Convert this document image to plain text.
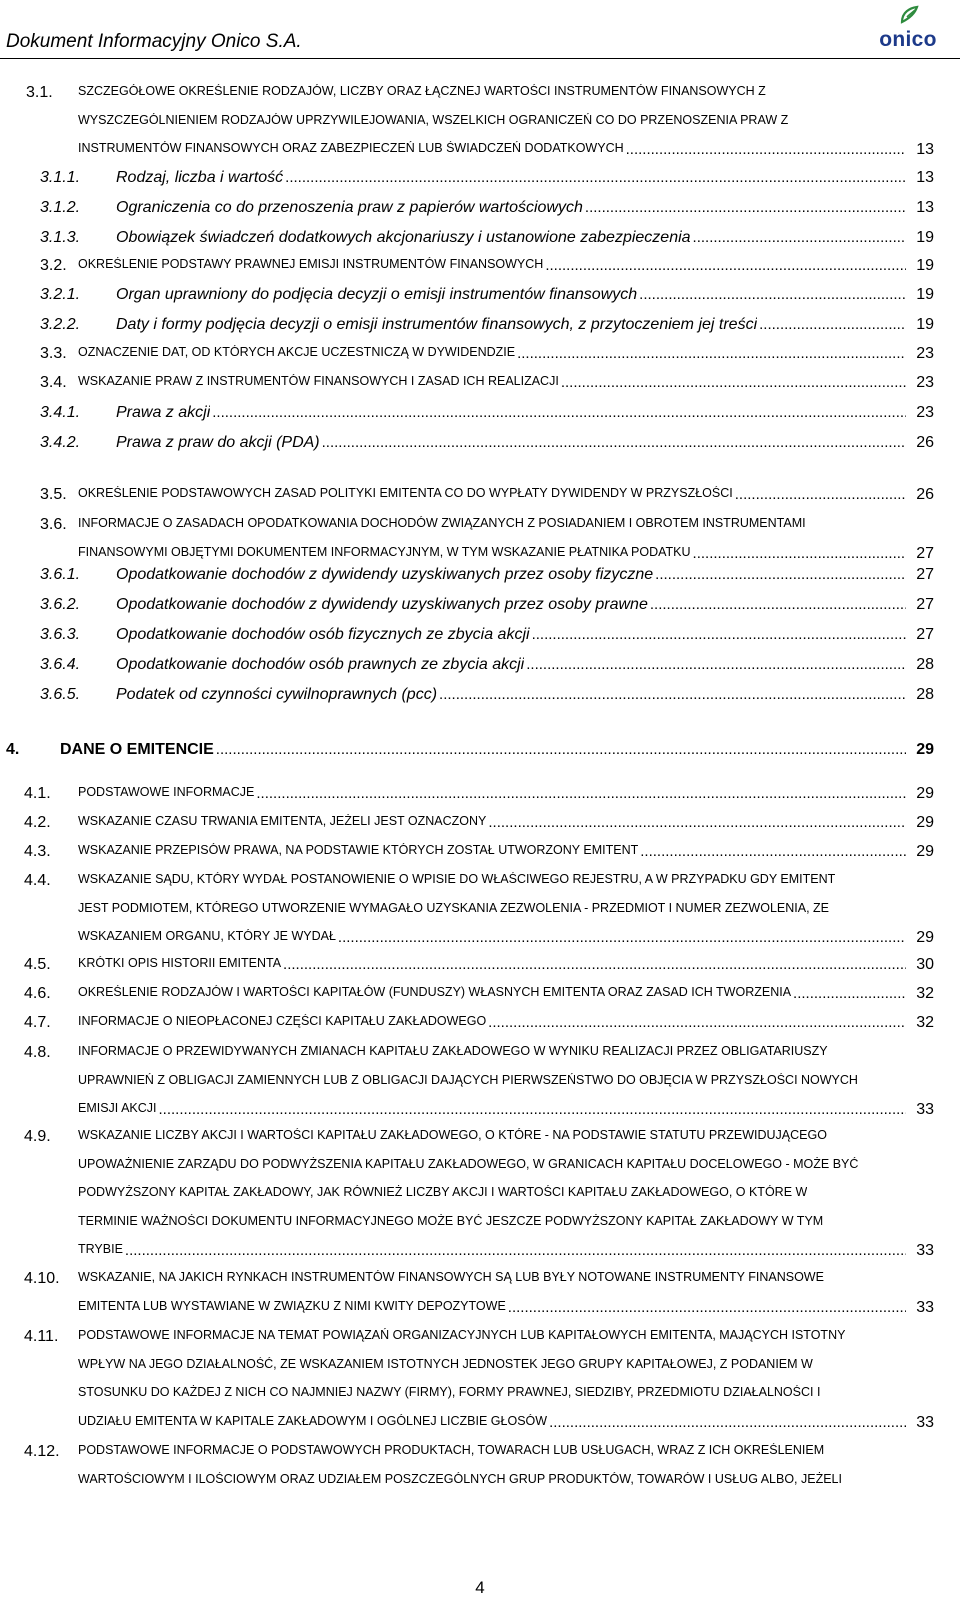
Dokument Informacyjny Onico S.A.	onico
3.1. SZCZEGÓŁOWE OKREŚLENIE RODZAJÓW, LICZBY ORAZ ŁĄCZNEJ WARTOŚCI INSTRUMENTÓW FINANSOWYCH Z
WYSZCZEGÓLNIENIEM RODZAJÓW UPRZYWILEJOWANIA, WSZELKICH OGRANICZEŃ CO DO PRZENOSZENIA PRAW Z
INSTRUMENTÓW FINANSOWYCH ORAZ ZABEZPIECZEŃ LUB ŚWIADCZEŃ DODATKOWYCH	13
.....
3.1.1. Rodzaj, liczba i wartość	13
.....
3.1.2. Ograniczenia co do przenoszenia praw z papierów wartościowych	13
.....
3.1.3. Obowiązek świadczeń dodatkowych akcjonariuszy i ustanowione zabezpieczenia	19
.....
3.2. OKREŚLENIE PODSTAWY PRAWNEJ EMISJI INSTRUMENTÓW FINANSOWYCH	19
.....
3.2.1. Organ uprawniony do podjęcia decyzji o emisji instrumentów finansowych	19
.....
3.2.2. Daty i formy podjęcia decyzji o emisji instrumentów finansowych, z przytoczeniem jej treści	19
.....
3.3. OZNACZENIE DAT, OD KTÓRYCH AKCJE UCZESTNICZĄ W DYWIDENDZIE	23
.....
3.4. WSKAZANIE PRAW Z INSTRUMENTÓW FINANSOWYCH I ZASAD ICH REALIZACJI	23
.....
3.4.1. Prawa z akcji	23
.....
3.4.2. Prawa z praw do akcji (PDA)	26
.....
3.5. OKREŚLENIE PODSTAWOWYCH ZASAD POLITYKI EMITENTA CO DO WYPŁATY DYWIDENDY W PRZYSZŁOŚCI	26
.....
3.6. INFORMACJE O ZASADACH OPODATKOWANIA DOCHODÓW ZWIĄZANYCH Z POSIADANIEM I OBROTEM INSTRUMENTAMI
FINANSOWYMI OBJĘTYMI DOKUMENTEM INFORMACYJNYM, W TYM WSKAZANIE PŁATNIKA PODATKU	27
.....
3.6.1. Opodatkowanie dochodów z dywidendy uzyskiwanych przez osoby fizyczne	27
.....
3.6.2. Opodatkowanie dochodów z dywidendy uzyskiwanych przez osoby prawne	27
.....
3.6.3. Opodatkowanie dochodów osób fizycznych ze zbycia akcji	27
.....
3.6.4. Opodatkowanie dochodów osób prawnych ze zbycia akcji	28
.....
3.6.5. Podatek od czynności cywilnoprawnych (pcc)	28
.....
4.	DANE O EMITENCIE	29
.....
4.1. PODSTAWOWE INFORMACJE	29
.....
4.2. WSKAZANIE CZASU TRWANIA EMITENTA, JEŻELI JEST OZNACZONY	29
.....
4.3. WSKAZANIE PRZEPISÓW PRAWA, NA PODSTAWIE KTÓRYCH ZOSTAŁ UTWORZONY EMITENT	29
.....
4.4. WSKAZANIE SĄDU, KTÓRY WYDAŁ POSTANOWIENIE O WPISIE DO WŁAŚCIWEGO REJESTRU, A W PRZYPADKU GDY EMITENT
JEST PODMIOTEM, KTÓREGO UTWORZENIE WYMAGAŁO UZYSKANIA ZEZWOLENIA - PRZEDMIOT I NUMER ZEZWOLENIA, ZE
WSKAZANIEM ORGANU, KTÓRY JE WYDAŁ	29
.....
4.5. KRÓTKI OPIS HISTORII EMITENTA	30
.....
4.6. OKREŚLENIE RODZAJÓW I WARTOŚCI KAPITAŁÓW (FUNDUSZY) WŁASNYCH EMITENTA ORAZ ZASAD ICH TWORZENIA	32
.....
4.7. INFORMACJE O NIEOPŁACONEJ CZĘŚCI KAPITAŁU ZAKŁADOWEGO	32
.....
4.8. INFORMACJE O PRZEWIDYWANYCH ZMIANACH KAPITAŁU ZAKŁADOWEGO W WYNIKU REALIZACJI PRZEZ OBLIGATARIUSZY
UPRAWNIEŃ Z OBLIGACJI ZAMIENNYCH LUB Z OBLIGACJI DAJĄCYCH PIERWSZEŃSTWO DO OBJĘCIA W PRZYSZŁOŚCI NOWYCH
EMISJI AKCJI	33
.....
4.9. WSKAZANIE LICZBY AKCJI I WARTOŚCI KAPITAŁU ZAKŁADOWEGO, O KTÓRE - NA PODSTAWIE STATUTU PRZEWIDUJĄCEGO
UPOWAŻNIENIE ZARZĄDU DO PODWYŻSZENIA KAPITAŁU ZAKŁADOWEGO, W GRANICACH KAPITAŁU DOCELOWEGO - MOŻE BYĆ
PODWYŻSZONY KAPITAŁ ZAKŁADOWY, JAK RÓWNIEŻ LICZBY AKCJI I WARTOŚCI KAPITAŁU ZAKŁADOWEGO, O KTÓRE W
TERMINIE WAŻNOŚCI DOKUMENTU INFORMACYJNEGO MOŻE BYĆ JESZCZE PODWYŻSZONY KAPITAŁ ZAKŁADOWY W TYM
TRYBIE	33
.....
4.10. WSKAZANIE, NA JAKICH RYNKACH INSTRUMENTÓW FINANSOWYCH SĄ LUB BYŁY NOTOWANE INSTRUMENTY FINANSOWE
EMITENTA LUB WYSTAWIANE W ZWIĄZKU Z NIMI KWITY DEPOZYTOWE	33
.....
4.11. PODSTAWOWE INFORMACJE NA TEMAT POWIĄZAŃ ORGANIZACYJNYCH LUB KAPITAŁOWYCH EMITENTA, MAJĄCYCH ISTOTNY
WPŁYW NA JEGO DZIAŁALNOŚĆ, ZE WSKAZANIEM ISTOTNYCH JEDNOSTEK JEGO GRUPY KAPITAŁOWEJ, Z PODANIEM W
STOSUNKU DO KAŻDEJ Z NICH CO NAJMNIEJ NAZWY (FIRMY), FORMY PRAWNEJ, SIEDZIBY, PRZEDMIOTU DZIAŁALNOŚCI I
UDZIAŁU EMITENTA W KAPITALE ZAKŁADOWYM I OGÓLNEJ LICZBIE GŁOSÓW	33
.....
4.12. PODSTAWOWE INFORMACJE O PODSTAWOWYCH PRODUKTACH, TOWARACH LUB USŁUGACH, WRAZ Z ICH OKREŚLENIEM
WARTOŚCIOWYM I ILOŚCIOWYM ORAZ UDZIAŁEM POSZCZEGÓLNYCH GRUP PRODUKTÓW, TOWARÓW I USŁUG ALBO, JEŻELI
4
